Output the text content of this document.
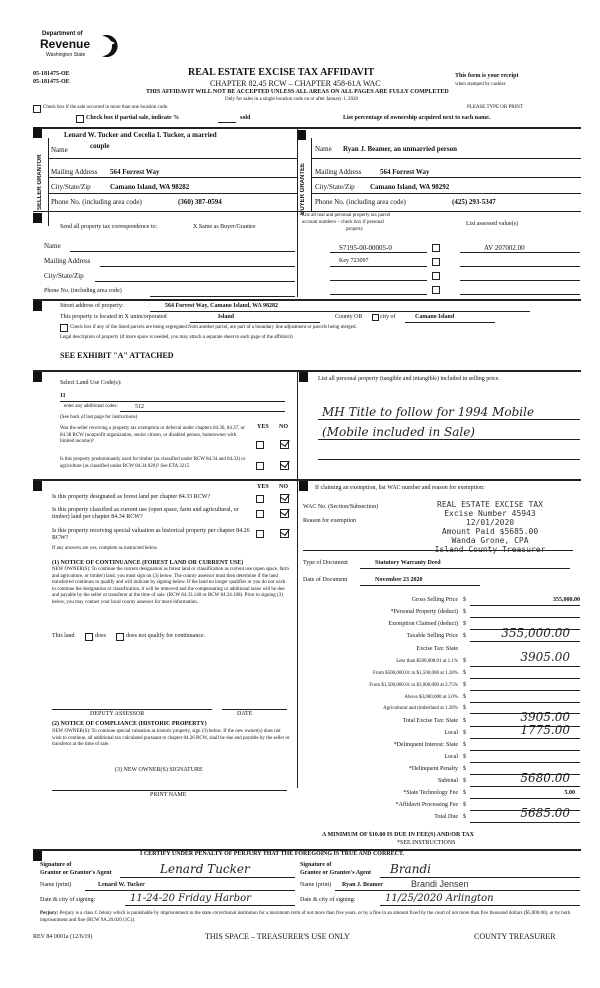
Department of
Revenue
Washington State
05-181475-OE
05-181475-OE
REAL ESTATE EXCISE TAX AFFIDAVIT
CHAPTER 82.45 RCW – CHAPTER 458-61A WAC
THIS AFFIDAVIT WILL NOT BE ACCEPTED UNLESS ALL AREAS ON ALL PAGES ARE FULLY COMPLETED
Only for sales in a single location code on or after January 1, 2020
This form is your receipt
when stamped by cashier.
PLEASE TYPE OR PRINT
Check box if the sale occurred in more than one location code.
Check box if partial sale, indicate %	sold	List percentage of ownership acquired next to each name.
SELLER GRANTOR
Lenard W. Tucker and Cecelia I. Tucker, a married
Name	couple
Mailing Address 564 Forrest Way
City/State/Zip	Camano Island, WA 98282
Phone No. (including area code)	(360) 387-0594	BUYER GRANTEE
Name Ryan J. Beamer, an unmarried person
Mailing Address	564 Forrest Way
City/State/Zip Camano Island, WA 98292
Phone No. (including area code)	(425) 293-5347
Send all property tax correspondence to:	X Same as Buyer/Grantee
Name
Mailing Address
City/State/Zip
Phone No. (including area code)
List all real and personal property tax parcel
account numbers – check box if personal
property
List assessed value(s)
S7195-00-00005-0	AV 207002.00
Key 723097
Street address of property:	564 Forrest Way, Camano Island, WA 98282
This property is located in X unincorporated	Island	County OR	city of	Camano Island
Check box if any of the listed parcels are being segregated from another parcel, are part of a boundary line adjustment or parcels being merged.
Legal description of property (if more space is needed, you may attach a separate sheet to each page of the affidavit)
SEE EXHIBIT "A" ATTACHED
Select Land Use Code(s):
11
enter any additional codes:	512
(See back of last page for instructions)
YES NO
Was the seller receiving a property tax exemption or deferral under chapters 84.36, 84.37, or 84.38 RCW (nonprofit organization, senior citizen, or disabled person, homeowner with limited income)?
Is this property predominantly used for timber (as classified under RCW 84.34 and 84.33) or agriculture (as classified under RCW 84.34.020)? See ETA 3215
List all personal property (tangible and intangible) included in selling price.
MH Title to follow for 1994 Mobile
(Mobile included in Sale)
YES NO
Is this property designated as forest land per chapter 84.33 RCW?
Is this property classified as current use (open space, farm and agricultural, or timber) land per chapter 84.34 RCW?
Is this property receiving special valuation as historical property per chapter 84.26 RCW?
If any answers are yes, complete as instructed below.
(1) NOTICE OF CONTINUANCE (FOREST LAND OR CURRENT USE)
NEW OWNER(S): To continue the current designation as forest land or classification as current use (open space, farm and agriculture, or timber) land, you must sign on (3) below. The county assessor must then determine if the land transferred continues to qualify and will indicate by signing below. If the land no longer qualifies or you do not wish to continue the designation or classification, it will be removed and the compensating or additional taxes will be due and payable by the seller or transferor at the time of sale. (RCW 84.33.140 or RCW 84.34.108). Prior to signing (3) below, you may contact your local county assessor for more information.
This land	does	does not qualify for continuance.
DEPUTY ASSESSOR	DATE
(2) NOTICE OF COMPLIANCE (HISTORIC PROPERTY)
NEW OWNER(S): To continue special valuation as historic property, sign (3) below. If the new owner(s) does not wish to continue, all additional tax calculated pursuant to chapter 84.26 RCW, shall be due and payable by the seller or transferor at the time of sale.
(3) NEW OWNER(S) SIGNATURE
PRINT NAME
If claiming an exemption, list WAC number and reason for exemption:
WAC No. (Section/Subsection)
Reason for exemption
REAL ESTATE EXCISE TAX
Excise Number 45943
12/01/2020
Amount Paid $5685.00
Wanda Grone, CPA
Island County Treasurer
Type of Document	Statutory Warranty Deed
Date of Document	November 23 2020
Gross Selling Price $	355,000.00
*Personal Property (deduct) $
Exemption Claimed (deduct) $
Taxable Selling Price $	355,000.00
Excise Tax: State
Less than $500,000.01 at 1.1% $	3905.00
From $500,000.01 to $1,500,000 at 1.28% $
From $1,500,000.01 to $3,000,000 at 2.75% $
Above $3,000,000 at 3.0% $
Agricultural and timberland at 1.28% $
Total Excise Tax: State $	3905.00
Local $	1775.00
*Delinquent Interest: State $
Local $
*Delinquent Penalty $
Subtotal $	5680.00
*State Technology Fee $	5.00
*Affidavit Processing Fee $
Total Due $	5685.00
A MINIMUM OF $10.00 IS DUE IN FEE(S) AND/OR TAX
*SEE INSTRUCTIONS
I CERTIFY UNDER PENALTY OF PERJURY THAT THE FOREGOING IS TRUE AND CORRECT.
Signature of
Grantor or Grantor's Agent	Lenard Tucker
Name (print)	Lenard W. Tucker
Date & city of signing:	11-24-20 Friday Harbor
Signature of
Grantee or Grantee's Agent Brandi
Name (print) Ryan J. Beamer	Brandi Jensen
Date & city of signing:	11/25/2020 Arlington
Perjury: Perjury is a class C felony which is punishable by imprisonment in the state correctional institution for a maximum term of not more than five years, or by a fine in an amount fixed by the court of not more than five thousand dollars ($5,000.00), or by both imprisonment and fine (RCW 9A.20.020 (1C)).
REV 84 0001a (12/6/19)	THIS SPACE – TREASURER'S USE ONLY	COUNTY TREASURER
